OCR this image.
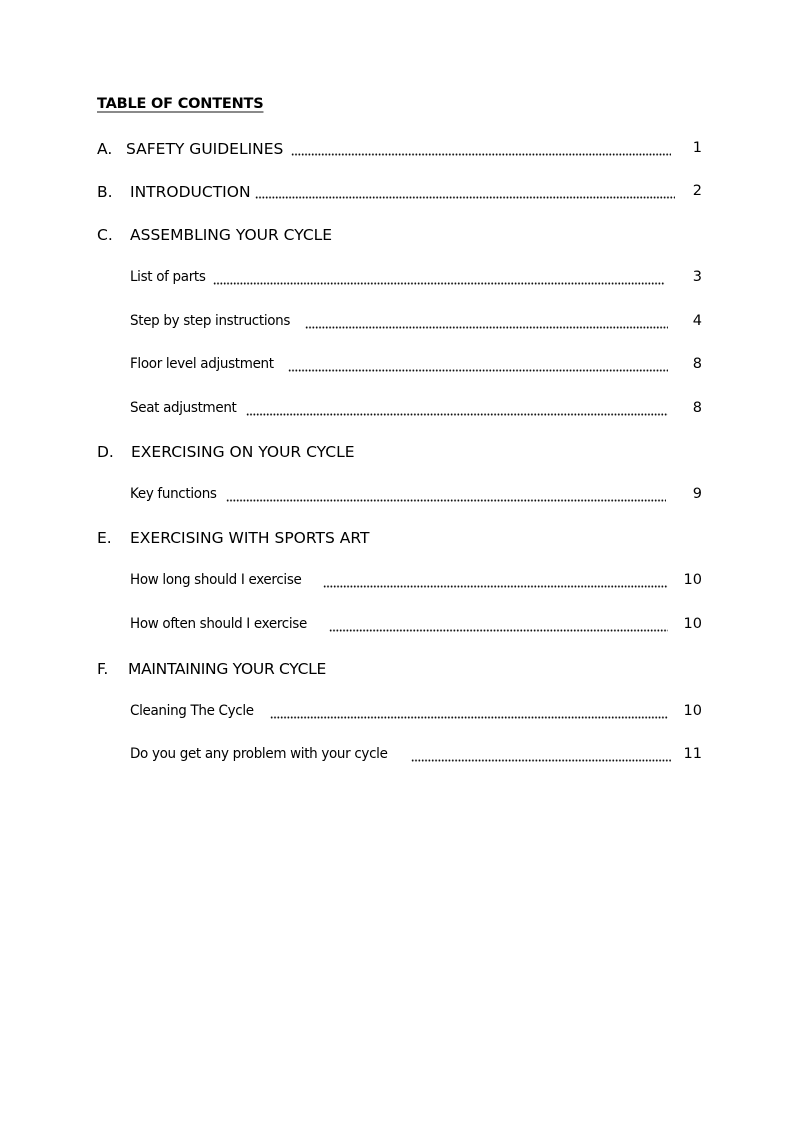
TABLE OF CONTENTS
A. SAFETY GUIDELINES	1
B. INTRODUCTION	2
C. ASSEMBLING YOUR CYCLE
List of parts	3
Step by step instructions	4
Floor level adjustment	8
Seat adjustment	8
D. EXERCISING ON YOUR CYCLE
Key functions	9
E. EXERCISING WITH SPORTS ART
How long should I exercise	10
How often should I exercise	10
F. MAINTAINING YOUR CYCLE
Cleaning The Cycle	10
Do you get any problem with your cycle	11
